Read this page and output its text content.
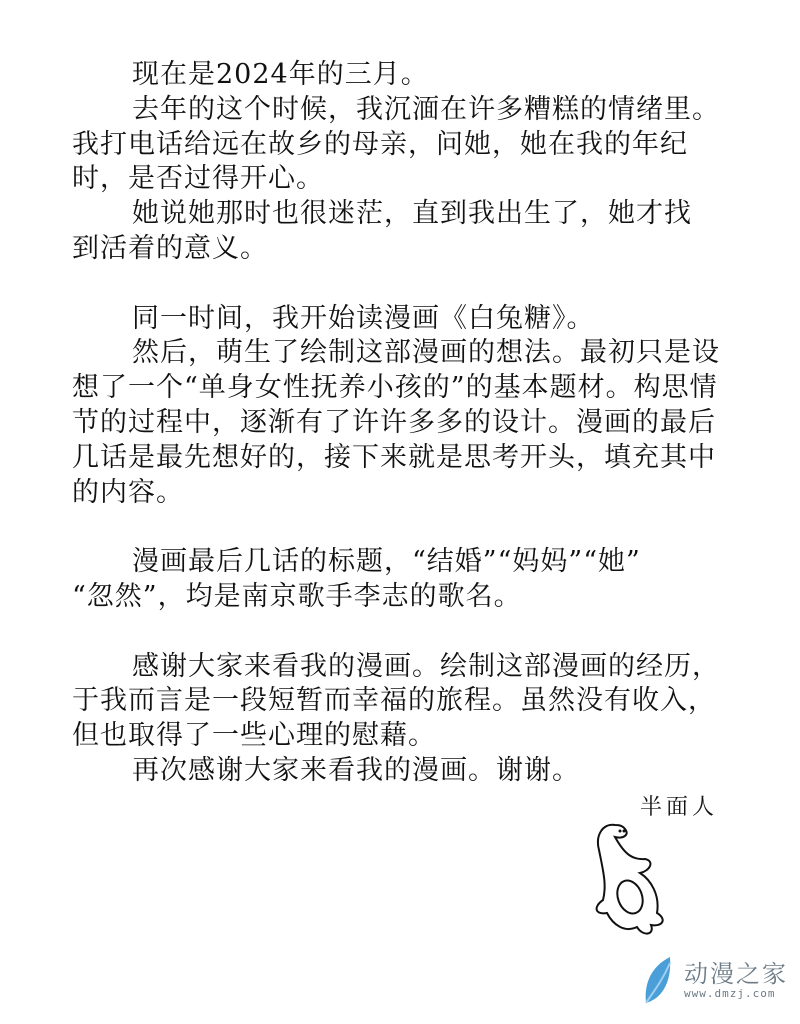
现在是2024年的三月。
去年的这个时候，我沉湎在许多糟糕的情绪里。
我打电话给远在故乡的母亲，问她，她在我的年纪
时，是否过得开心。
她说她那时也很迷茫，直到我出生了，她才找
到活着的意义。
同一时间，我开始读漫画《白兔糖》。
然后，萌生了绘制这部漫画的想法。最初只是设
想了一个“单身女性抚养小孩的”的基本题材。构思情
节的过程中，逐渐有了许许多多的设计。漫画的最后
几话是最先想好的，接下来就是思考开头，填充其中
的内容。
漫画最后几话的标题，“结婚”“妈妈”“她”
“忽然”，均是南京歌手李志的歌名。
感谢大家来看我的漫画。绘制这部漫画的经历，
于我而言是一段短暂而幸福的旅程。虽然没有收入，
但也取得了一些心理的慰藉。
再次感谢大家来看我的漫画。谢谢。
半面人
动漫之家
www.dmzj.com
